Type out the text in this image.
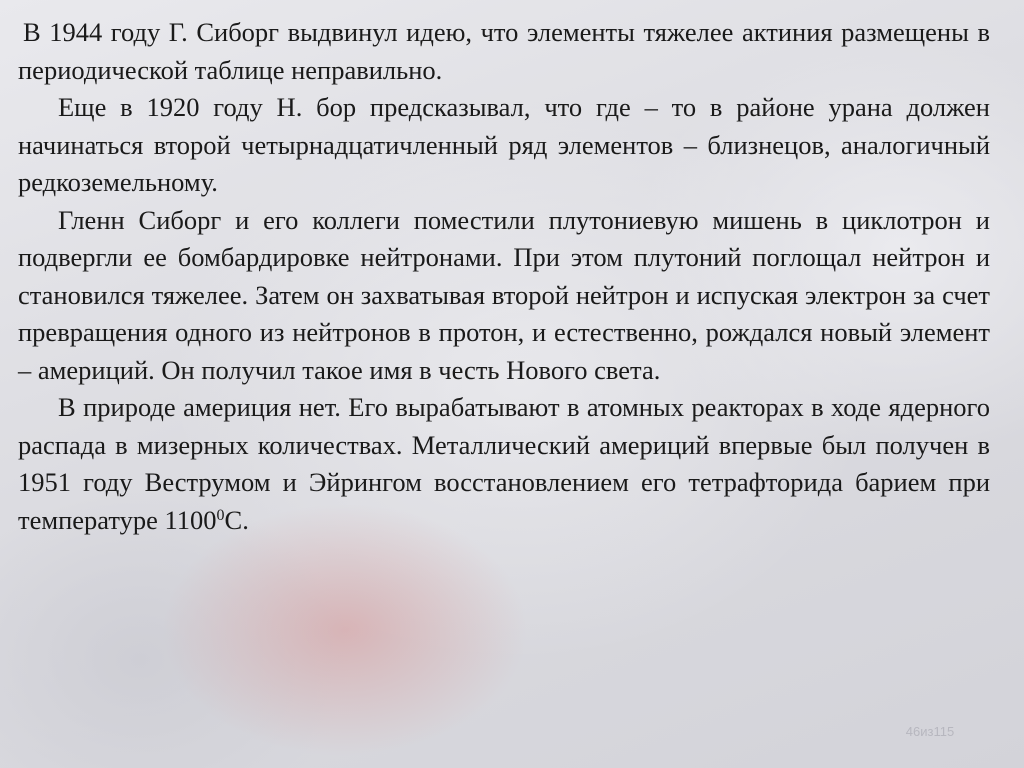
В 1944 году Г. Сиборг выдвинул идею, что элементы тяжелее актиния размещены в периодической таблице неправильно.

Еще в 1920 году Н. бор предсказывал, что где – то в районе урана должен начинаться второй четырнадцатичленный ряд элементов – близнецов, аналогичный редкоземельному.

Гленн Сиборг и его коллеги поместили плутониевую мишень в циклотрон и подвергли ее бомбардировке нейтронами. При этом плутоний поглощал нейтрон и становился тяжелее. Затем он захватывая второй нейтрон и испуская электрон за счет превращения одного из нейтронов в протон, и естественно, рождался новый элемент – америций. Он получил такое имя в честь Нового света.

В природе америция нет. Его вырабатывают в атомных реакторах в ходе ядерного распада в мизерных количествах. Металлический америций впервые был получен в 1951 году Веструмом и Эйрингом восстановлением его тетрафторида барием при температуре 1100$^0$С.

46из115
